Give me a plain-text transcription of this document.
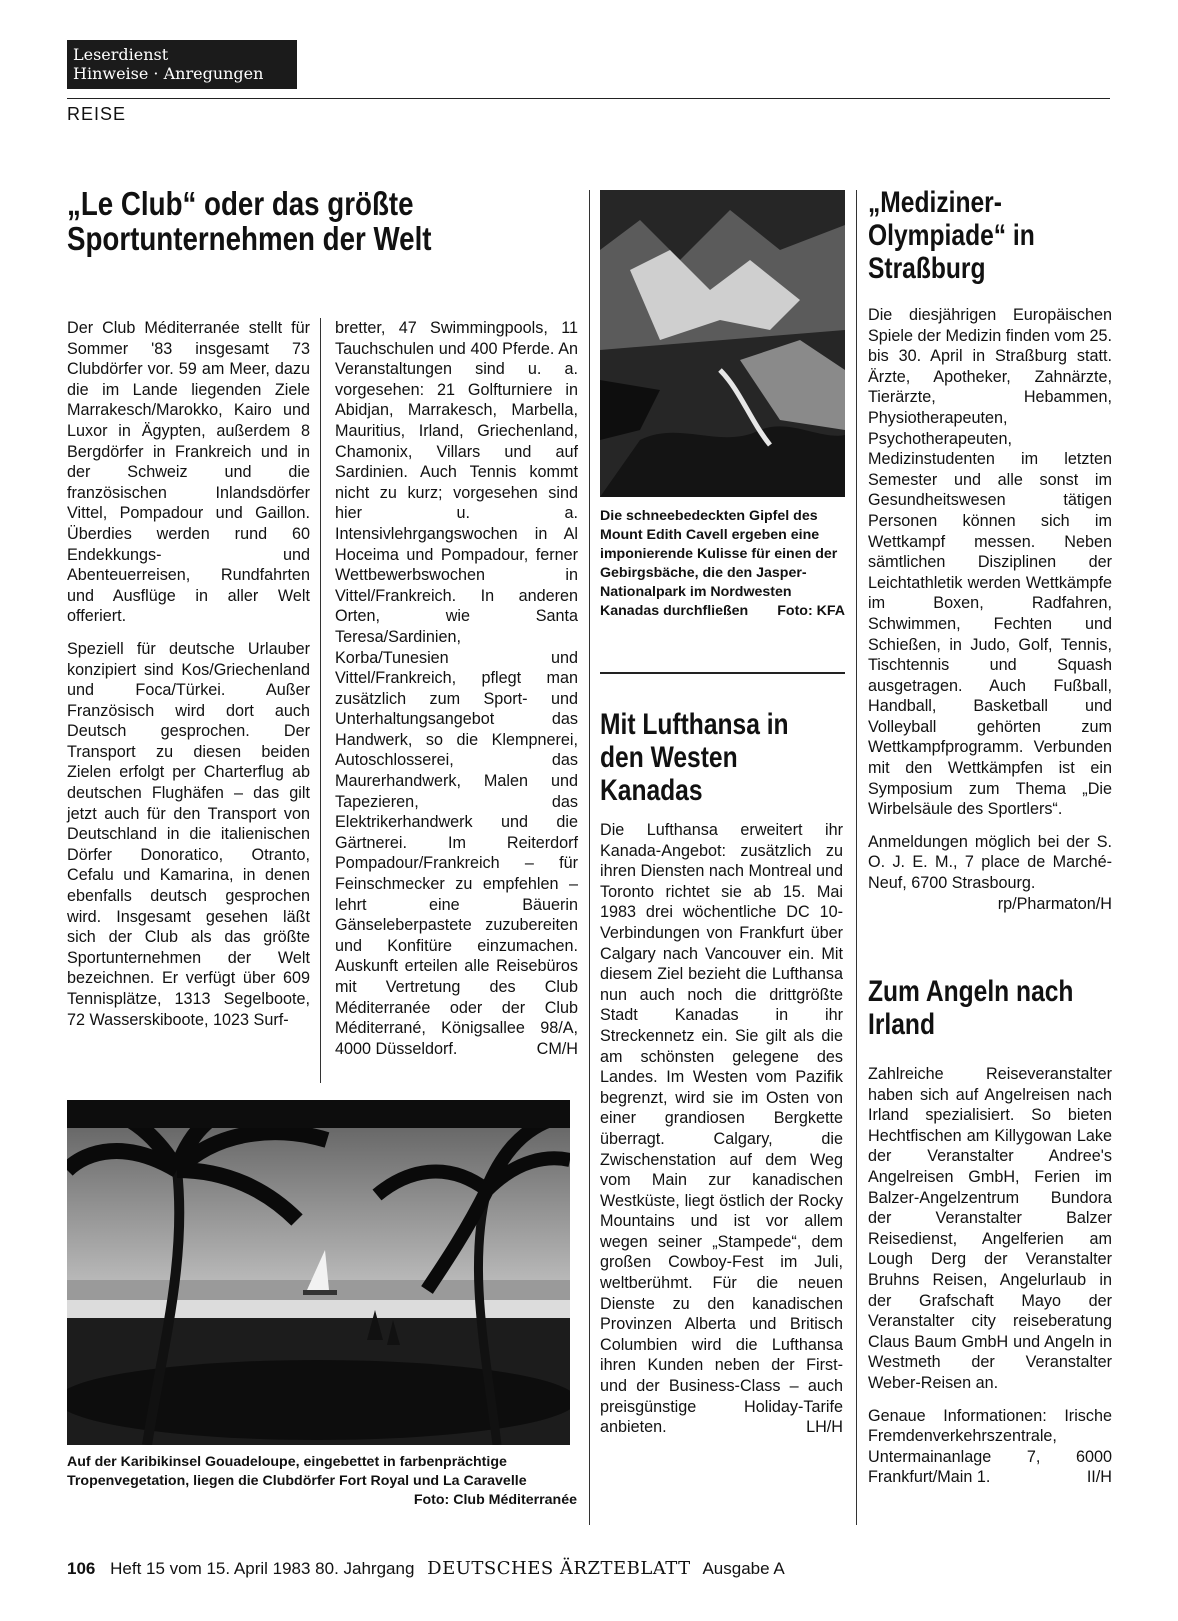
Leserdienst
Hinweise · Anregungen
REISE
„Le Club“ oder das größte Sportunternehmen der Welt

Der Club Méditerranée stellt für Sommer '83 insgesamt 73 Clubdörfer vor. 59 am Meer, dazu die im Lande liegenden Ziele Marrakesch/Marokko, Kairo und Luxor in Ägypten, außerdem 8 Bergdörfer in Frankreich und in der Schweiz und die französischen Inlandsdörfer Vittel, Pompadour und Gaillon. Überdies werden rund 60 Endekkungs- und Abenteuerreisen, Rundfahrten und Ausflüge in aller Welt offeriert.

Speziell für deutsche Urlauber konzipiert sind Kos/Griechenland und Foca/Türkei. Außer Französisch wird dort auch Deutsch gesprochen. Der Transport zu diesen beiden Zielen erfolgt per Charterflug ab deutschen Flughäfen – das gilt jetzt auch für den Transport von Deutschland in die italienischen Dörfer Donoratico, Otranto, Cefalu und Kamarina, in denen ebenfalls deutsch gesprochen wird. Insgesamt gesehen läßt sich der Club als das größte Sportunternehmen der Welt bezeichnen. Er verfügt über 609 Tennisplätze, 1313 Segelboote, 72 Wasserskiboote, 1023 Surf-

bretter, 47 Swimmingpools, 11 Tauchschulen und 400 Pferde. An Veranstaltungen sind u. a. vorgesehen: 21 Golfturniere in Abidjan, Marrakesch, Marbella, Mauritius, Irland, Griechenland, Chamonix, Villars und auf Sardinien. Auch Tennis kommt nicht zu kurz; vorgesehen sind hier u. a. Intensivlehrgangswochen in Al Hoceima und Pompadour, ferner Wettbewerbswochen in Vittel/Frankreich. In anderen Orten, wie Santa Teresa/Sardinien, Korba/Tunesien und Vittel/Frankreich, pflegt man zusätzlich zum Sport- und Unterhaltungsangebot das Handwerk, so die Klempnerei, Autoschlosserei, das Maurerhandwerk, Malen und Tapezieren, das Elektrikerhandwerk und die Gärtnerei. Im Reiterdorf Pompadour/Frankreich – für Feinschmecker zu empfehlen – lehrt eine Bäuerin Gänseleberpastete zuzubereiten und Konfitüre einzumachen. Auskunft erteilen alle Reisebüros mit Vertretung des Club Méditerranée oder der Club Méditerrané, Königsallee 98/A, 4000 Düsseldorf.	CM/H

Auf der Karibikinsel Gouadeloupe, eingebettet in farbenprächtige Tropenvegetation, liegen die Clubdörfer Fort Royal und La Caravelle
Foto: Club Méditerranée
Die schneebedeckten Gipfel des Mount Edith Cavell ergeben eine imponierende Kulisse für einen der Gebirgsbäche, die den Jasper-Nationalpark im Nordwesten Kanadas durchfließen Foto: KFA
Mit Lufthansa in den Westen Kanadas

Die Lufthansa erweitert ihr Kanada-Angebot: zusätzlich zu ihren Diensten nach Montreal und Toronto richtet sie ab 15. Mai 1983 drei wöchentliche DC 10-Verbindungen von Frankfurt über Calgary nach Vancouver ein. Mit diesem Ziel bezieht die Lufthansa nun auch noch die drittgrößte Stadt Kanadas in ihr Streckennetz ein. Sie gilt als die am schönsten gelegene des Landes. Im Westen vom Pazifik begrenzt, wird sie im Osten von einer grandiosen Bergkette überragt. Calgary, die Zwischenstation auf dem Weg vom Main zur kanadischen Westküste, liegt östlich der Rocky Mountains und ist vor allem wegen seiner „Stampede“, dem großen Cowboy-Fest im Juli, weltberühmt. Für die neuen Dienste zu den kanadischen Provinzen Alberta und Britisch Columbien wird die Lufthansa ihren Kunden neben der First- und der Business-Class – auch preisgünstige Holiday-Tarife anbieten.	LH/H

„Mediziner-Olympiade“ in Straßburg

Die diesjährigen Europäischen Spiele der Medizin finden vom 25. bis 30. April in Straßburg statt. Ärzte, Apotheker, Zahnärzte, Tierärzte, Hebammen, Physiotherapeuten, Psychotherapeuten, Medizinstudenten im letzten Semester und alle sonst im Gesundheitswesen tätigen Personen können sich im Wettkampf messen. Neben sämtlichen Disziplinen der Leichtathletik werden Wettkämpfe im Boxen, Radfahren, Schwimmen, Fechten und Schießen, in Judo, Golf, Tennis, Tischtennis und Squash ausgetragen. Auch Fußball, Handball, Basketball und Volleyball gehörten zum Wettkampfprogramm. Verbunden mit den Wettkämpfen ist ein Symposium zum Thema „Die Wirbelsäule des Sportlers“.

Anmeldungen möglich bei der S. O. J. E. M., 7 place de Marché-Neuf, 6700 Strasbourg.
rp/Pharmaton/H

Zum Angeln nach Irland

Zahlreiche Reiseveranstalter haben sich auf Angelreisen nach Irland spezialisiert. So bieten Hechtfischen am Killygowan Lake der Veranstalter Andree's Angelreisen GmbH, Ferien im Balzer-Angelzentrum Bundora der Veranstalter Balzer Reisedienst, Angelferien am Lough Derg der Veranstalter Bruhns Reisen, Angelurlaub in der Grafschaft Mayo der Veranstalter city reiseberatung Claus Baum GmbH und Angeln in Westmeth der Veranstalter Weber-Reisen an.

Genaue Informationen: Irische Fremdenverkehrszentrale, Untermainanlage 7, 6000 Frankfurt/Main 1.	II/H

106 Heft 15 vom 15. April 1983 80. Jahrgang DEUTSCHES ÄRZTEBLATT Ausgabe A
